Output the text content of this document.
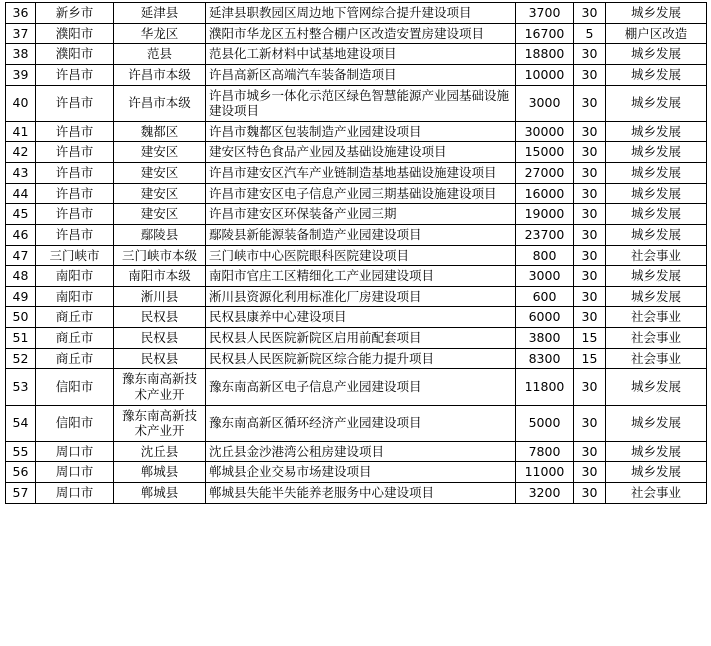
36	新乡市	延津县	延津县职教园区周边地下管网综合提升建设项目	3700	30	城乡发展
37	濮阳市	华龙区	濮阳市华龙区五村整合棚户区改造安置房建设项目	16700	5	棚户区改造
38	濮阳市	范县	范县化工新材料中试基地建设项目	18800	30	城乡发展
39	许昌市	许昌市本级	许昌高新区高端汽车装备制造项目	10000	30	城乡发展
40	许昌市	许昌市本级	许昌市城乡一体化示范区绿色智慧能源产业园基础设施建设项目	3000	30	城乡发展
41	许昌市	魏都区	许昌市魏都区包装制造产业园建设项目	30000	30	城乡发展
42	许昌市	建安区	建安区特色食品产业园及基础设施建设项目	15000	30	城乡发展
43	许昌市	建安区	许昌市建安区汽车产业链制造基地基础设施建设项目	27000	30	城乡发展
44	许昌市	建安区	许昌市建安区电子信息产业园三期基础设施建设项目	16000	30	城乡发展
45	许昌市	建安区	许昌市建安区环保装备产业园三期	19000	30	城乡发展
46	许昌市	鄢陵县	鄢陵县新能源装备制造产业园建设项目	23700	30	城乡发展
47	三门峡市	三门峡市本级	三门峡市中心医院眼科医院建设项目	800	30	社会事业
48	南阳市	南阳市本级	南阳市官庄工区精细化工产业园建设项目	3000	30	城乡发展
49	南阳市	淅川县	淅川县资源化利用标准化厂房建设项目	600	30	城乡发展
50	商丘市	民权县	民权县康养中心建设项目	6000	30	社会事业
51	商丘市	民权县	民权县人民医院新院区启用前配套项目	3800	15	社会事业
52	商丘市	民权县	民权县人民医院新院区综合能力提升项目	8300	15	社会事业
53	信阳市	豫东南高新技术产业开	豫东南高新区电子信息产业园建设项目	11800	30	城乡发展
54	信阳市	豫东南高新技术产业开	豫东南高新区循环经济产业园建设项目	5000	30	城乡发展
55	周口市	沈丘县	沈丘县金沙港湾公租房建设项目	7800	30	城乡发展
56	周口市	郸城县	郸城县企业交易市场建设项目	11000	30	城乡发展
57	周口市	郸城县	郸城县失能半失能养老服务中心建设项目	3200	30	社会事业
